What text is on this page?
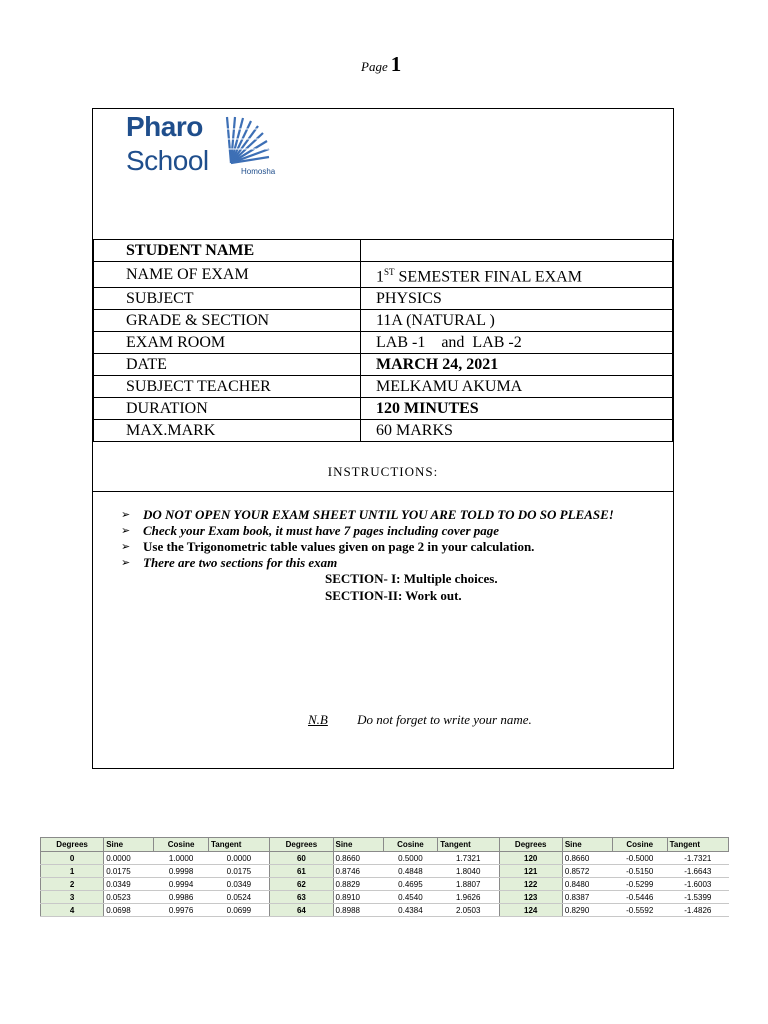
Page 1
Pharo
School	Homosha
STUDENT NAME	
NAME OF EXAM	1ST SEMESTER FINAL EXAM
SUBJECT	PHYSICS
GRADE & SECTION	11A (NATURAL )
EXAM ROOM	LAB -1    and  LAB -2
DATE	MARCH 24, 2021
SUBJECT TEACHER	MELKAMU AKUMA
DURATION	120 MINUTES
MAX.MARK	60 MARKS
INSTRUCTIONS:
➢ DO NOT OPEN YOUR EXAM SHEET UNTIL YOU ARE TOLD TO DO SO PLEASE!
➢ Check your Exam book, it must have 7 pages including cover page
➢ Use the Trigonometric table values given on page 2 in your calculation.
➢ There are two sections for this exam
SECTION- I: Multiple choices.
SECTION-II: Work out.
N.B Do not forget to write your name.
Degrees	Sine	Cosine	Tangent	Degrees	Sine	Cosine	Tangent	Degrees	Sine	Cosine	Tangent
0	0.0000	1.0000	0.0000	60	0.8660	0.5000	1.7321	120	0.8660	-0.5000	-1.7321
1	0.0175	0.9998	0.0175	61	0.8746	0.4848	1.8040	121	0.8572	-0.5150	-1.6643
2	0.0349	0.9994	0.0349	62	0.8829	0.4695	1.8807	122	0.8480	-0.5299	-1.6003
3	0.0523	0.9986	0.0524	63	0.8910	0.4540	1.9626	123	0.8387	-0.5446	-1.5399
4	0.0698	0.9976	0.0699	64	0.8988	0.4384	2.0503	124	0.8290	-0.5592	-1.4826
